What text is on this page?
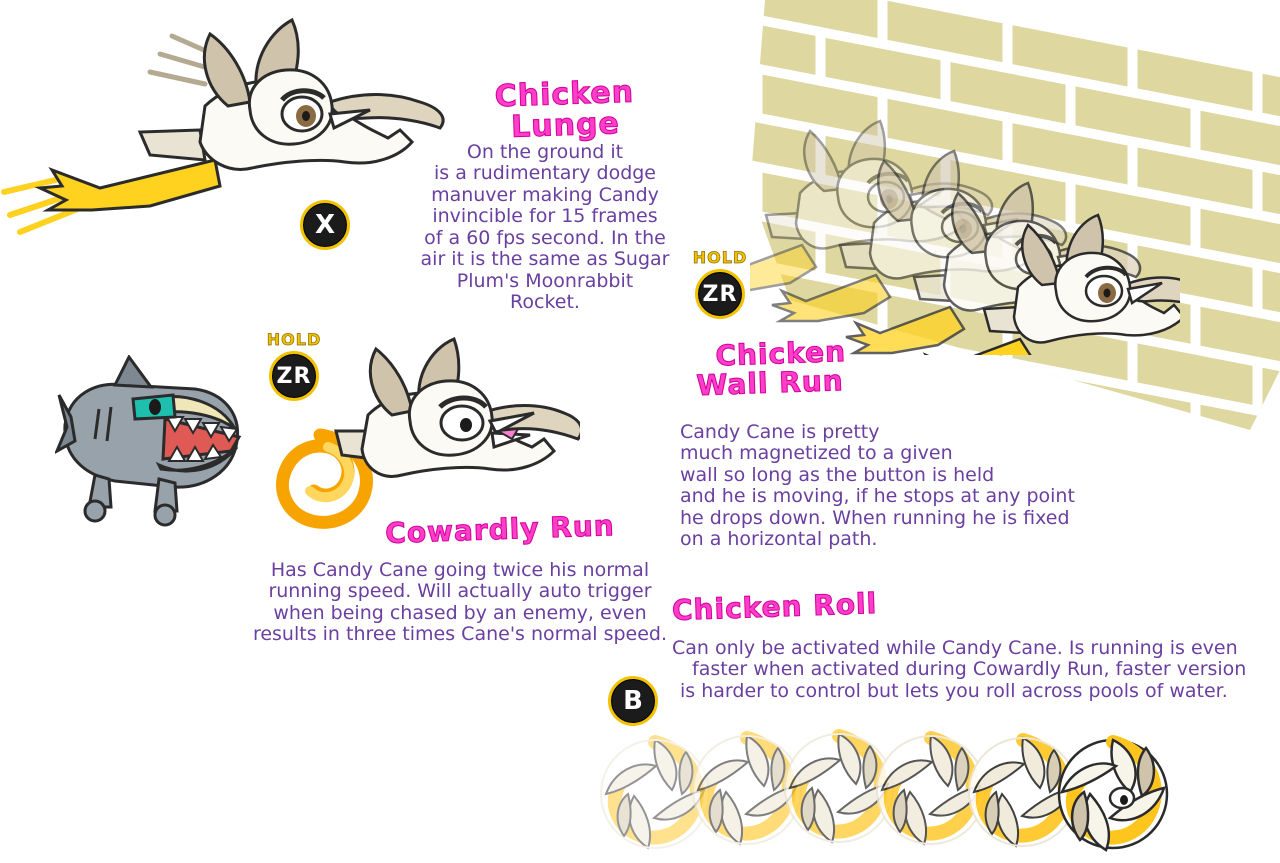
Chicken
Lunge
On the ground it
is a rudimentary dodge
manuver making Candy
invincible for 15 frames
of a 60 fps second. In the
air it is the same as Sugar
Plum's Moonrabbit
Rocket.
X
HOLD
ZR
Cowardly Run
Has Candy Cane going twice his normal
running speed. Will actually auto trigger
when being chased by an enemy, even
results in three times Cane's normal speed.
HOLD
ZR
Chicken
Wall Run
Candy Cane is pretty
much magnetized to a given
wall so long as the button is held
and he is moving, if he stops at any point
he drops down. When running he is fixed
on a horizontal path.
Chicken Roll
B
Can only be activated while Candy Cane. Is running is even
faster when activated during Cowardly Run, faster version
is harder to control but lets you roll across pools of water.
